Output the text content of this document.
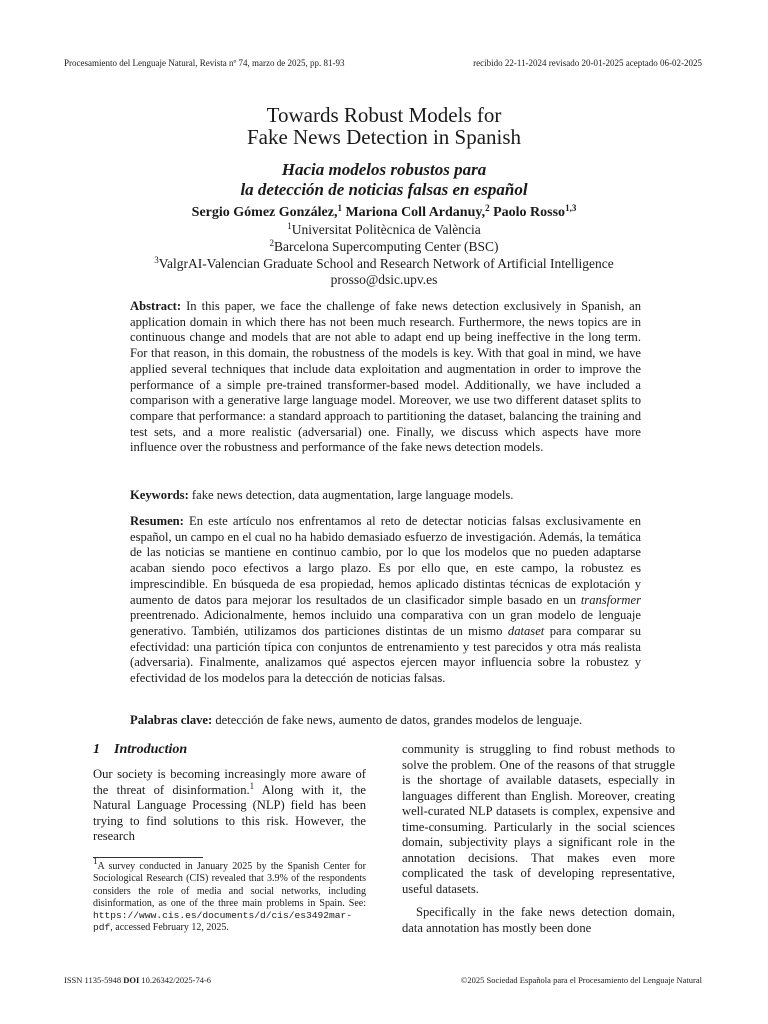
Procesamiento del Lenguaje Natural, Revista nº 74, marzo de 2025, pp. 81-93	recibido 22-11-2024 revisado 20-01-2025 aceptado 06-02-2025
Towards Robust Models for
Fake News Detection in Spanish
Hacia modelos robustos para
la detección de noticias falsas en español
Sergio Gómez González,$^1$ Mariona Coll Ardanuy,$^2$ Paolo Rosso$^{1,3}$
$^1$Universitat Politècnica de València
$^2$Barcelona Supercomputing Center (BSC)
$^3$ValgrAI-Valencian Graduate School and Research Network of Artificial Intelligence
prosso@dsic.upv.es
Abstract: In this paper, we face the challenge of fake news detection exclusively in Spanish, an application domain in which there has not been much research. Furthermore, the news topics are in continuous change and models that are not able to adapt end up being ineffective in the long term. For that reason, in this domain, the robustness of the models is key. With that goal in mind, we have applied several techniques that include data exploitation and augmentation in order to improve the performance of a simple pre-trained transformer-based model. Additionally, we have included a comparison with a generative large language model. Moreover, we use two different dataset splits to compare that performance: a standard approach to partitioning the dataset, balancing the training and test sets, and a more realistic (adversarial) one. Finally, we discuss which aspects have more influence over the robustness and performance of the fake news detection models.
Keywords: fake news detection, data augmentation, large language models.
Resumen: En este artículo nos enfrentamos al reto de detectar noticias falsas exclusivamente en español, un campo en el cual no ha habido demasiado esfuerzo de investigación. Además, la temática de las noticias se mantiene en continuo cambio, por lo que los modelos que no pueden adaptarse acaban siendo poco efectivos a largo plazo. Es por ello que, en este campo, la robustez es imprescindible. En búsqueda de esa propiedad, hemos aplicado distintas técnicas de explotación y aumento de datos para mejorar los resultados de un clasificador simple basado en un transformer preentrenado. Adicionalmente, hemos incluido una comparativa con un gran modelo de lenguaje generativo. También, utilizamos dos particiones distintas de un mismo dataset para comparar su efectividad: una partición típica con conjuntos de entrenamiento y test parecidos y otra más realista (adversaria). Finalmente, analizamos qué aspectos ejercen mayor influencia sobre la robustez y efectividad de los modelos para la detección de noticias falsas.
Palabras clave: detección de fake news, aumento de datos, grandes modelos de lenguaje.
1 Introduction
Our society is becoming increasingly more aware of the threat of disinformation.$^1$ Along with it, the Natural Language Processing (NLP) field has been trying to find solutions to this risk. However, the research
$^1$A survey conducted in January 2025 by the Spanish Center for Sociological Research (CIS) revealed that 3.9% of the respondents considers the role of media and social networks, including disinformation, as one of the three main problems in Spain. See: https://www.cis.es/documents/d/cis/es3492mar-pdf, accessed February 12, 2025.
community is struggling to find robust methods to solve the problem. One of the reasons of that struggle is the shortage of available datasets, especially in languages different than English. Moreover, creating well-curated NLP datasets is complex, expensive and time-consuming. Particularly in the social sciences domain, subjectivity plays a significant role in the annotation decisions. That makes even more complicated the task of developing representative, useful datasets.
Specifically in the fake news detection domain, data annotation has mostly been done
ISSN 1135-5948 DOI 10.26342/2025-74-6	©2025 Sociedad Española para el Procesamiento del Lenguaje Natural
